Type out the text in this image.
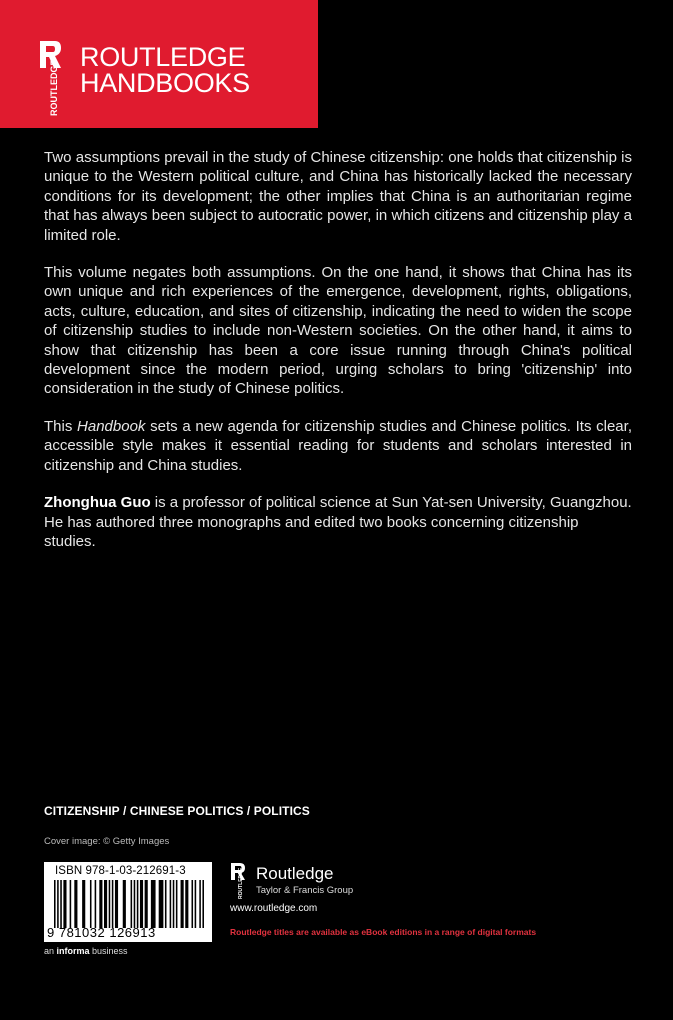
ROUTLEDGE
ROUTLEDGE
HANDBOOKS

Two assumptions prevail in the study of Chinese citizenship: one holds that citizenship is unique to the Western political culture, and China has historically lacked the necessary conditions for its development; the other implies that China is an authoritarian regime that has always been subject to autocratic power, in which citizens and citizenship play a limited role.

This volume negates both assumptions. On the one hand, it shows that China has its own unique and rich experiences of the emergence, development, rights, obligations, acts, culture, education, and sites of citizenship, indicating the need to widen the scope of citizenship studies to include non-Western societies. On the other hand, it aims to show that citizenship has been a core issue running through China's political development since the modern period, urging scholars to bring 'citizenship' into consideration in the study of Chinese politics.

This Handbook sets a new agenda for citizenship studies and Chinese politics. Its clear, accessible style makes it essential reading for students and scholars interested in citizenship and China studies.

Zhonghua Guo is a professor of political science at Sun Yat-sen University, Guangzhou. He has authored three monographs and edited two books concerning citizenship studies.

CITIZENSHIP / CHINESE POLITICS / POLITICS
Cover image: © Getty Images
ISBN 978-1-03-212691-3
9 781032 126913
an informa business
ROUTLEDGE Routledge
Taylor & Francis Group
www.routledge.com
Routledge titles are available as eBook editions in a range of digital formats
